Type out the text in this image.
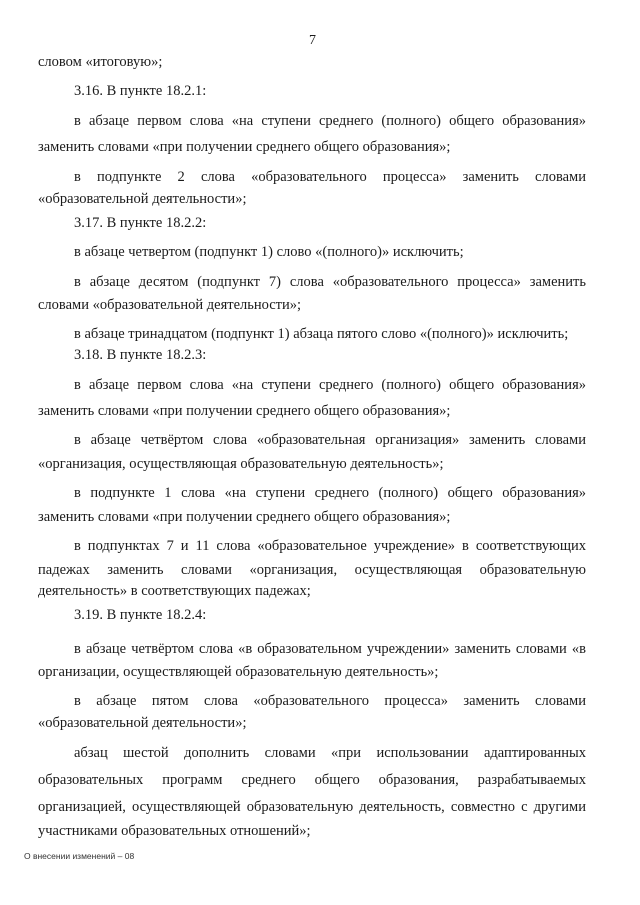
7
словом «итоговую»;
3.16. В пункте 18.2.1:
в абзаце первом слова «на ступени среднего (полного) общего образования»
заменить словами «при получении среднего общего образования»;
в подпункте 2 слова «образовательного процесса» заменить словами
«образовательной деятельности»;
3.17. В пункте 18.2.2:
в абзаце четвертом (подпункт 1) слово «(полного)» исключить;
в абзаце десятом (подпункт 7) слова «образовательного процесса» заменить
словами «образовательной деятельности»;
в абзаце тринадцатом (подпункт 1) абзаца пятого слово «(полного)» исключить;
3.18. В пункте 18.2.3:
в абзаце первом слова «на ступени среднего (полного) общего образования»
заменить словами «при получении среднего общего образования»;
в абзаце четвёртом слова «образовательная организация» заменить словами
«организация, осуществляющая образовательную деятельность»;
в подпункте 1 слова «на ступени среднего (полного) общего образования»
заменить словами «при получении среднего общего образования»;
в подпунктах 7 и 11 слова «образовательное учреждение» в соответствующих
падежах заменить словами «организация, осуществляющая образовательную
деятельность» в соответствующих падежах;
3.19. В пункте 18.2.4:
в абзаце четвёртом слова «в образовательном учреждении» заменить словами «в
организации, осуществляющей образовательную деятельность»;
в абзаце пятом слова «образовательного процесса» заменить словами
«образовательной деятельности»;
абзац шестой дополнить словами «при использовании адаптированных
образовательных программ среднего общего образования, разрабатываемых
организацией, осуществляющей образовательную деятельность, совместно с другими
участниками образовательных отношений»;
О внесении изменений – 08
